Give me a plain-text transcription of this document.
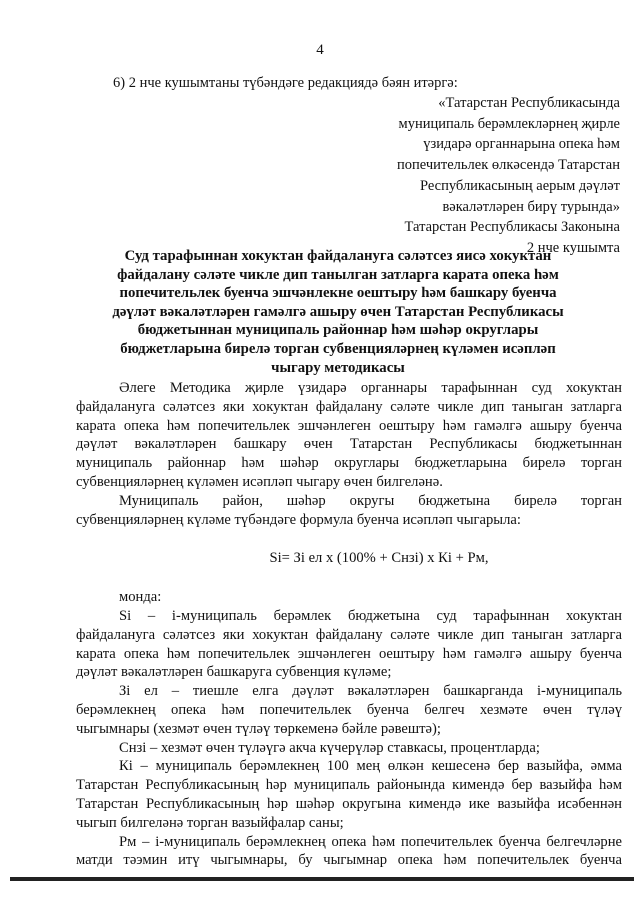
4
6) 2 нче кушымтаны түбәндәге редакциядә бәян итәргә:
«Татарстан Республикасында
муниципаль берәмлекләрнең җирле
үзидарә органнарына опека һәм
попечительлек өлкәсендә Татарстан
Республикасының аерым дәүләт
вәкаләтләрен бирү турында»
Татарстан Республикасы Законына
2 нче кушымта
Суд тарафыннан хокуктан файдалануга сәләтсез яисә хокуктан
файдалану сәләте чикле дип танылган затларга карата опека һәм
попечительлек буенча эшчәнлекне оештыру һәм башкару буенча
дәүләт вәкаләтләрен гамәлгә ашыру өчен Татарстан Республикасы
бюджетыннан муниципаль районнар һәм шәһәр округлары
бюджетларына бирелә торган субвенцияләрнең күләмен исәпләп
чыгару методикасы

Әлеге Методика җирле үзидарә органнары тарафыннан суд хокуктан
файдалануга сәләтсез яки хокуктан файдалану сәләте чикле дип таныган затларга
карата опека һәм попечительлек эшчәнлеген оештыру һәм гамәлгә ашыру буенча
дәүләт вәкаләтләрен башкару өчен Татарстан Республикасы бюджетыннан
муниципаль районнар һәм шәһәр округлары бюджетларына бирелә торган
субвенцияләрнең күләмен исәпләп чыгару өчен билгеләнә.

Муниципаль район, шәһәр округы бюджетына бирелә торган
субвенцияләрнең күләме түбәндәге формула буенча исәпләп чыгарыла:

Si= Зi ел х (100% + Снзi) х Кi + Рм,

монда:

Si – i-муниципаль берәмлек бюджетына суд тарафыннан хокуктан
файдалануга сәләтсез яки хокуктан файдалану сәләте чикле дип таныган затларга
карата опека һәм попечительлек эшчәнлеген оештыру һәм гамәлгә ашыру буенча
дәүләт вәкаләтләрен башкаруга субвенция күләме;

Зi ел – тиешле елга дәүләт вәкаләтләрен башкарганда i-муниципаль
берәмлекнең опека һәм попечительлек буенча белгеч хезмәте өчен түләү
чыгымнары (хезмәт өчен түләү төркеменә бәйле рәвештә);

Снзi – хезмәт өчен түләүгә акча күчерүләр ставкасы, процентларда;

Кi – муниципаль берәмлекнең 100 мең өлкән кешесенә бер вазыйфа, әмма
Татарстан Республикасының һәр муниципаль районында кимендә бер вазыйфа һәм
Татарстан Республикасының һәр шәһәр округына кимендә ике вазыйфа исәбеннән
чыгып билгеләнә торган вазыйфалар саны;

Рм – i-муниципаль берәмлекнең опека һәм попечительлек буенча белгечләрне
матди тәэмин итү чыгымнары, бу чыгымнар опека һәм попечительлек буенча
